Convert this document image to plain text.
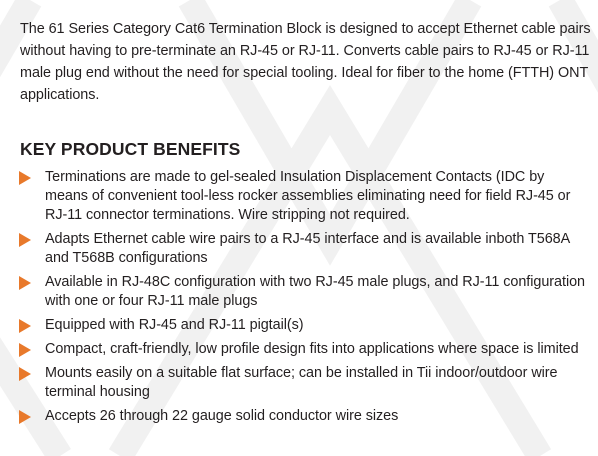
The 61 Series Category Cat6 Termination Block is designed to accept Ethernet cable pairs without having to pre-terminate an RJ-45 or RJ-11. Converts cable pairs to RJ-45 or RJ-11 male plug end without the need for special tooling. Ideal for fiber to the home (FTTH) ONT applications.

KEY PRODUCT BENEFITS
Terminations are made to gel-sealed Insulation Displacement Contacts (IDC by means of convenient tool-less rocker assemblies eliminating need for field RJ-45 or RJ-11 connector terminations. Wire stripping not required.
Adapts Ethernet cable wire pairs to a RJ-45 interface and is available inboth T568A and T568B configurations
Available in RJ-48C configuration with two RJ-45 male plugs, and RJ-11 configuration with one or four RJ-11 male plugs
Equipped with RJ-45 and RJ-11 pigtail(s)
Compact, craft-friendly, low profile design fits into applications where space is limited
Mounts easily on a suitable flat surface; can be installed in Tii indoor/outdoor wire terminal housing
Accepts 26 through 22 gauge solid conductor wire sizes
